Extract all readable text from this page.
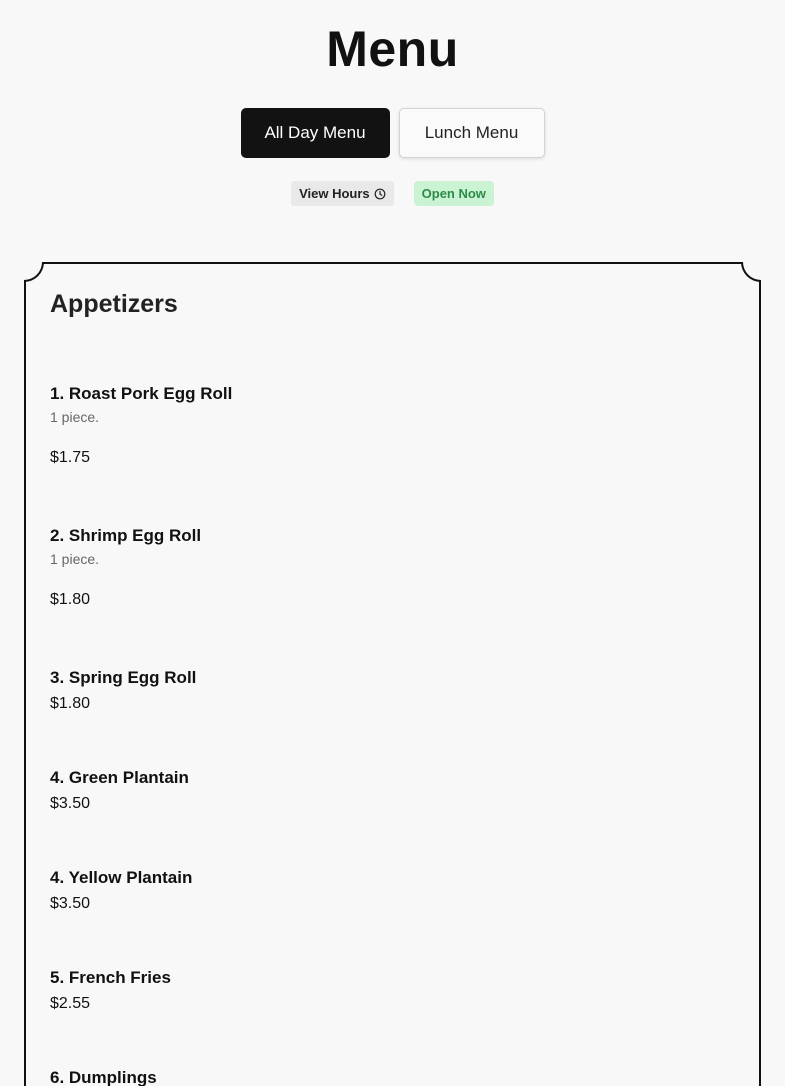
Menu
All Day Menu	Lunch Menu
View Hours	Open Now
Appetizers
1. Roast Pork Egg Roll
1 piece.
$1.75
2. Shrimp Egg Roll
1 piece.
$1.80
3. Spring Egg Roll
$1.80
4. Green Plantain
$3.50
4. Yellow Plantain
$3.50
5. French Fries
$2.55
6. Dumplings
